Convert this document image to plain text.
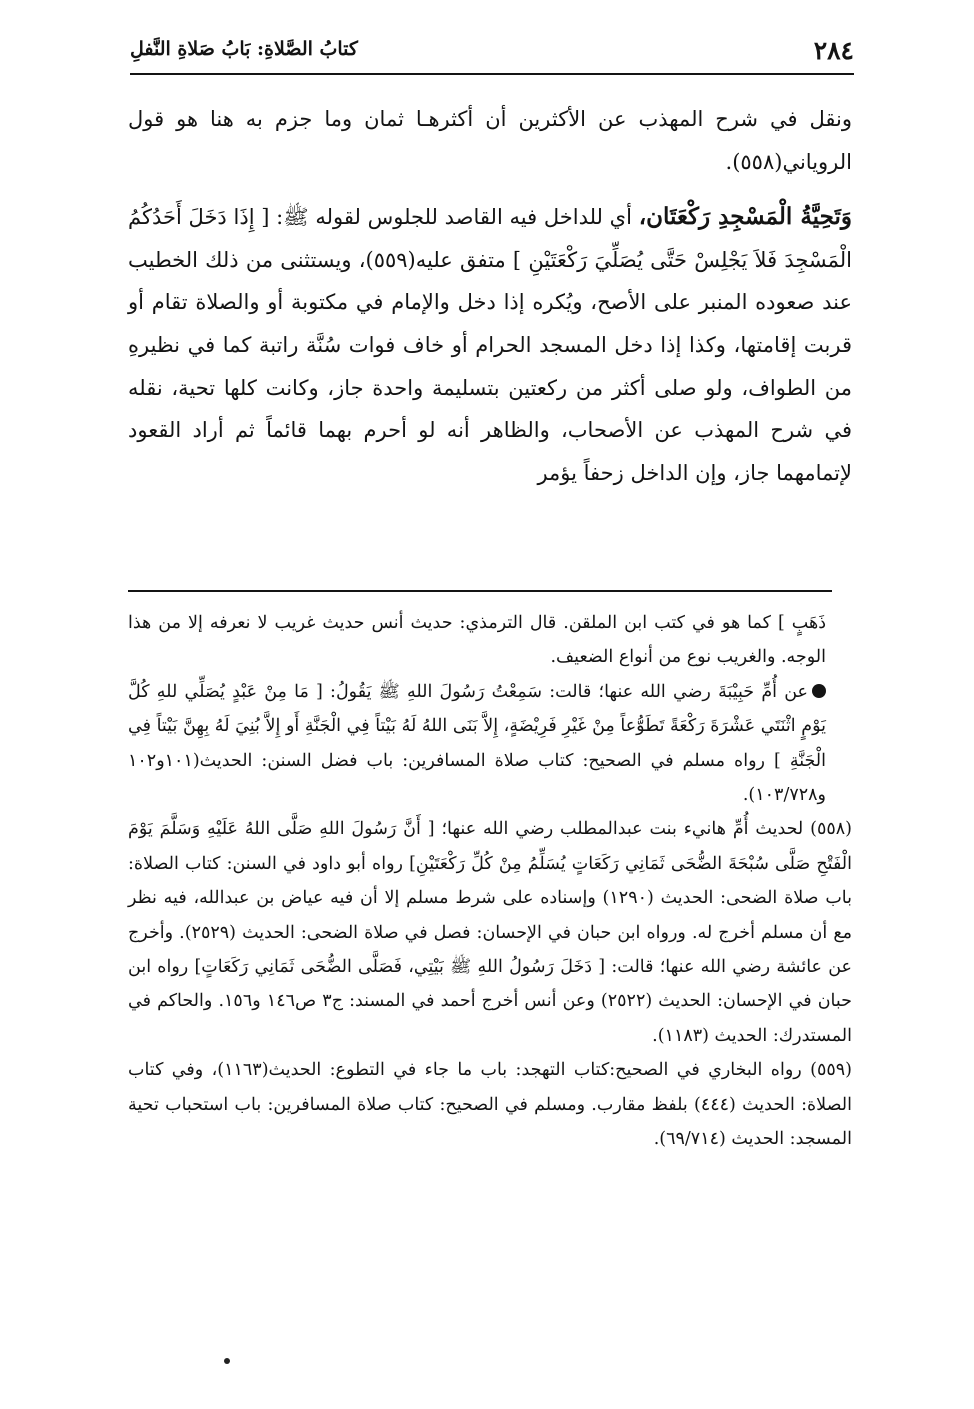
٢٨٤
كتابُ الصَّلاةِ: بَابُ صَلاةِ النَّفلِ

ونقل في شرح المهذب عن الأكثرين أن أكثرهـا ثمان وما جزم به هنا هو قول الروياني(٥٥٨).

وَتَحِيَّةُ الْمَسْجِدِ رَكْعَتَان، أي للداخل فيه القاصد للجلوس لقوله ﷺ: [ إِذَا دَخَلَ أَحَدُكُمُ الْمَسْجِدَ فَلاَ يَجْلِسْ حَتَّى يُصَلِّيَ رَكْعَتَيْنِ ] متفق عليه(٥٥٩)، ويستثنى من ذلك الخطيب عند صعوده المنبر على الأصح، ويُكره إذا دخل والإمام في مكتوبة أو والصلاة تقام أو قربت إقامتها، وكذا إذا دخل المسجد الحرام أو خاف فوات سُنَّة راتبة كما في نظيرهِ من الطواف، ولو صلى أكثر من ركعتين بتسليمة واحدة جاز، وكانت كلها تحية، نقله في شرح المهذب عن الأصحاب، والظاهر أنه لو أحرم بهما قائماً ثم أراد القعود لإتمامهما جاز، وإن الداخل زحفاً يؤمر

ذَهَبٍ ] كما هو في كتب ابن الملقن. قال الترمذي: حديث أنس حديث غريب لا نعرفه إلا من هذا الوجه. والغريب نوع من أنواع الضعيف.

عن أُمِّ حَبِيْبَةَ رضي الله عنها؛ قالت: سَمِعْتُ رَسُولَ اللهِ ﷺ يَقُولُ: [ مَا مِنْ عَبْدٍ يُصَلِّي للهِ كُلَّ يَوْمٍ اثْنَتَي عَشْرَةَ رَكْعَةً تَطَوُّعاً مِنْ غَيْرِ فَرِيْضَةٍ، إِلاَّ بَنَى اللهُ لَهُ بَيْتاً فِي الْجَنَّةِ أَو إِلاَّ بُنِيَ لَهُ بِهِنَّ بَيْتاً فِي الْجَنَّةِ ] رواه مسلم في الصحيح: كتاب صلاة المسافرين: باب فضل السنن: الحديث(١٠١و١٠٢ و١٠٣/٧٢٨).

(٥٥٨) لحديث أُمِّ هانيء بنت عبدالمطلب رضي الله عنها؛ [ أَنَّ رَسُولَ اللهِ صَلَّى اللهُ عَلَيْهِ وَسَلَّمَ يَوْمَ الْفَتْحِ صَلَّى سُبْحَةَ الضُّحَى ثَمَانِي رَكَعَاتٍ يُسَلِّمُ مِنْ كُلِّ رَكْعَتَيْنِ] رواه أبو داود في السنن: كتاب الصلاة: باب صلاة الضحى: الحديث (١٢٩٠) وإسناده على شرط مسلم إلا أن فيه عياض بن عبدالله، فيه نظر مع أن مسلم أخرج له. ورواه ابن حبان في الإحسان: فصل في صلاة الضحى: الحديث (٢٥٢٩). وأخرج عن عائشة رضي الله عنها؛ قالت: [ دَخَلَ رَسُولُ اللهِ ﷺ بَيْتِي، فَصَلَّى الضُّحَى ثَمَانِي رَكَعَاتٍ] رواه ابن حبان في الإحسان: الحديث (٢٥٢٢) وعن أنس أخرج أحمد في المسند: ج٣ ص١٤٦ و١٥٦. والحاكم في المستدرك: الحديث (١١٨٣).

(٥٥٩) رواه البخاري في الصحيح:كتاب التهجد: باب ما جاء في التطوع: الحديث(١١٦٣)، وفي كتاب الصلاة: الحديث (٤٤٤) بلفظ مقارب. ومسلم في الصحيح: كتاب صلاة المسافرين: باب استحباب تحية المسجد: الحديث (٦٩/٧١٤).
